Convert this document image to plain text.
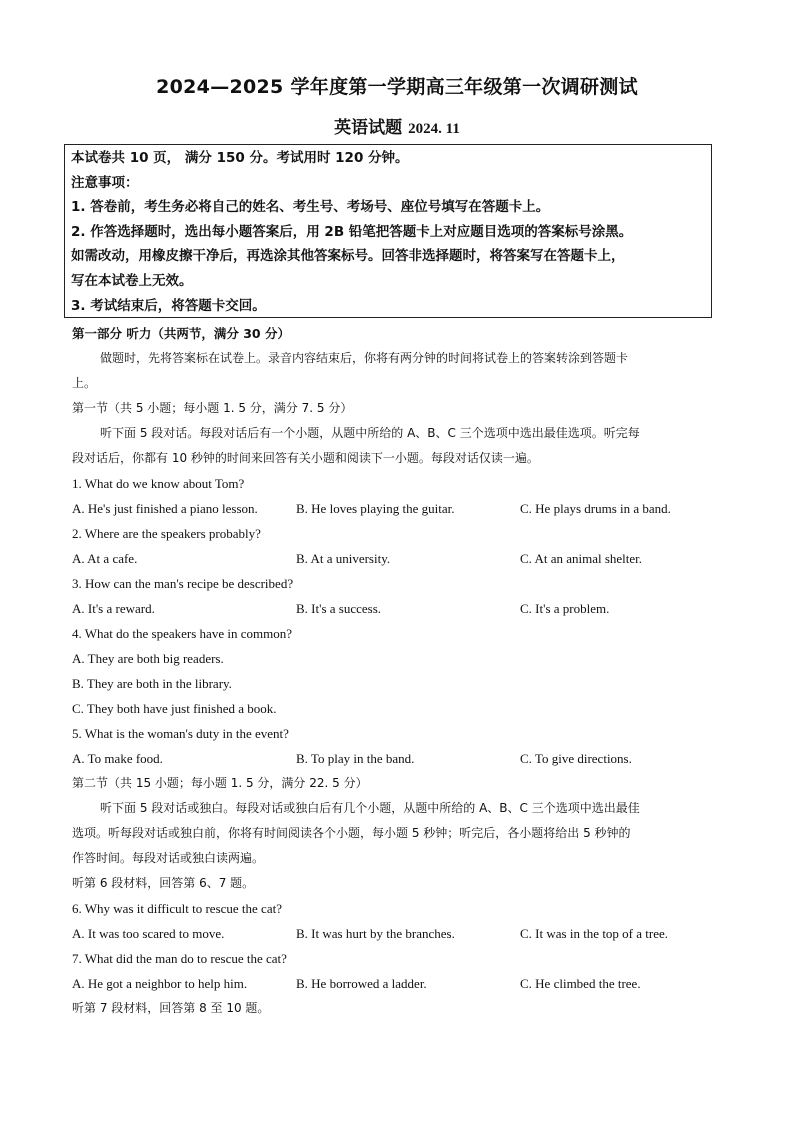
2024—2025 学年度第一学期高三年级第一次调研测试
英语试题 2024. 11
本试卷共 10 页， 满分 150 分。考试用时 120 分钟。
注意事项：
1. 答卷前，考生务必将自己的姓名、考生号、考场号、座位号填写在答题卡上。
2. 作答选择题时，选出每小题答案后，用 2B 铅笔把答题卡上对应题目选项的答案标号涂黑。
如需改动，用橡皮擦干净后，再选涂其他答案标号。回答非选择题时，将答案写在答题卡上，
写在本试卷上无效。
3. 考试结束后，将答题卡交回。
第一部分 听力（共两节，满分 30 分）
做题时，先将答案标在试卷上。录音内容结束后，你将有两分钟的时间将试卷上的答案转涂到答题卡
上。
第一节（共 5 小题；每小题 1. 5 分，满分 7. 5 分）
听下面 5 段对话。每段对话后有一个小题，从题中所给的 A、B、C 三个选项中选出最佳选项。听完每
段对话后，你都有 10 秒钟的时间来回答有关小题和阅读下一小题。每段对话仅读一遍。
1. What do we know about Tom?
A. He's just finished a piano lesson.	B. He loves playing the guitar.	C. He plays drums in a band.
2. Where are the speakers probably?
A. At a cafe.	B. At a university.	C. At an animal shelter.
3. How can the man's recipe be described?
A. It's a reward.	B. It's a success.	C. It's a problem.
4. What do the speakers have in common?
A. They are both big readers.
B. They are both in the library.
C. They both have just finished a book.
5. What is the woman's duty in the event?
A. To make food.	B. To play in the band.	C. To give directions.
第二节（共 15 小题；每小题 1. 5 分，满分 22. 5 分）
听下面 5 段对话或独白。每段对话或独白后有几个小题，从题中所给的 A、B、C 三个选项中选出最佳
选项。听每段对话或独白前，你将有时间阅读各个小题，每小题 5 秒钟；听完后，各小题将给出 5 秒钟的
作答时间。每段对话或独白读两遍。
听第 6 段材料，回答第 6、7 题。
6. Why was it difficult to rescue the cat?
A. It was too scared to move.	B. It was hurt by the branches.	C. It was in the top of a tree.
7. What did the man do to rescue the cat?
A. He got a neighbor to help him.	B. He borrowed a ladder.	C. He climbed the tree.
听第 7 段材料，回答第 8 至 10 题。
